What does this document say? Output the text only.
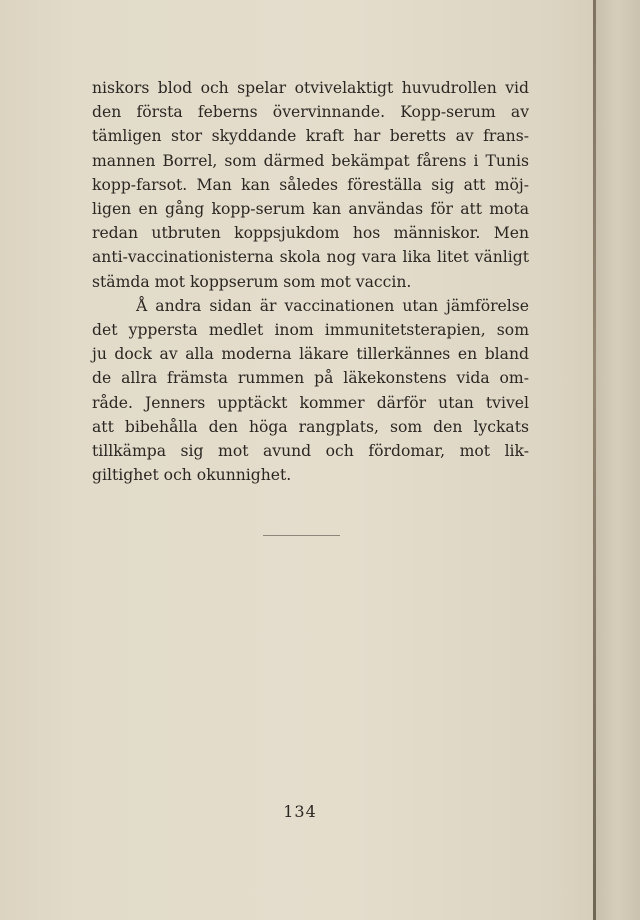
niskors blod och spelar otvivelaktigt huvudrollen vid
den första feberns övervinnande. Kopp-serum av
tämligen stor skyddande kraft har beretts av frans-
mannen Borrel, som därmed bekämpat fårens i Tunis
kopp-farsot. Man kan således föreställa sig att möj-
ligen en gång kopp-serum kan användas för att mota
redan utbruten koppsjukdom hos människor. Men
anti-vaccinationisterna skola nog vara lika litet vänligt
stämda mot koppserum som mot vaccin.
Å andra sidan är vaccinationen utan jämförelse
det yppersta medlet inom immunitetsterapien, som
ju dock av alla moderna läkare tillerkännes en bland
de allra främsta rummen på läkekonstens vida om-
råde. Jenners upptäckt kommer därför utan tvivel
att bibehålla den höga rangplats, som den lyckats
tillkämpa sig mot avund och fördomar, mot lik-
giltighet och okunnighet.
134
